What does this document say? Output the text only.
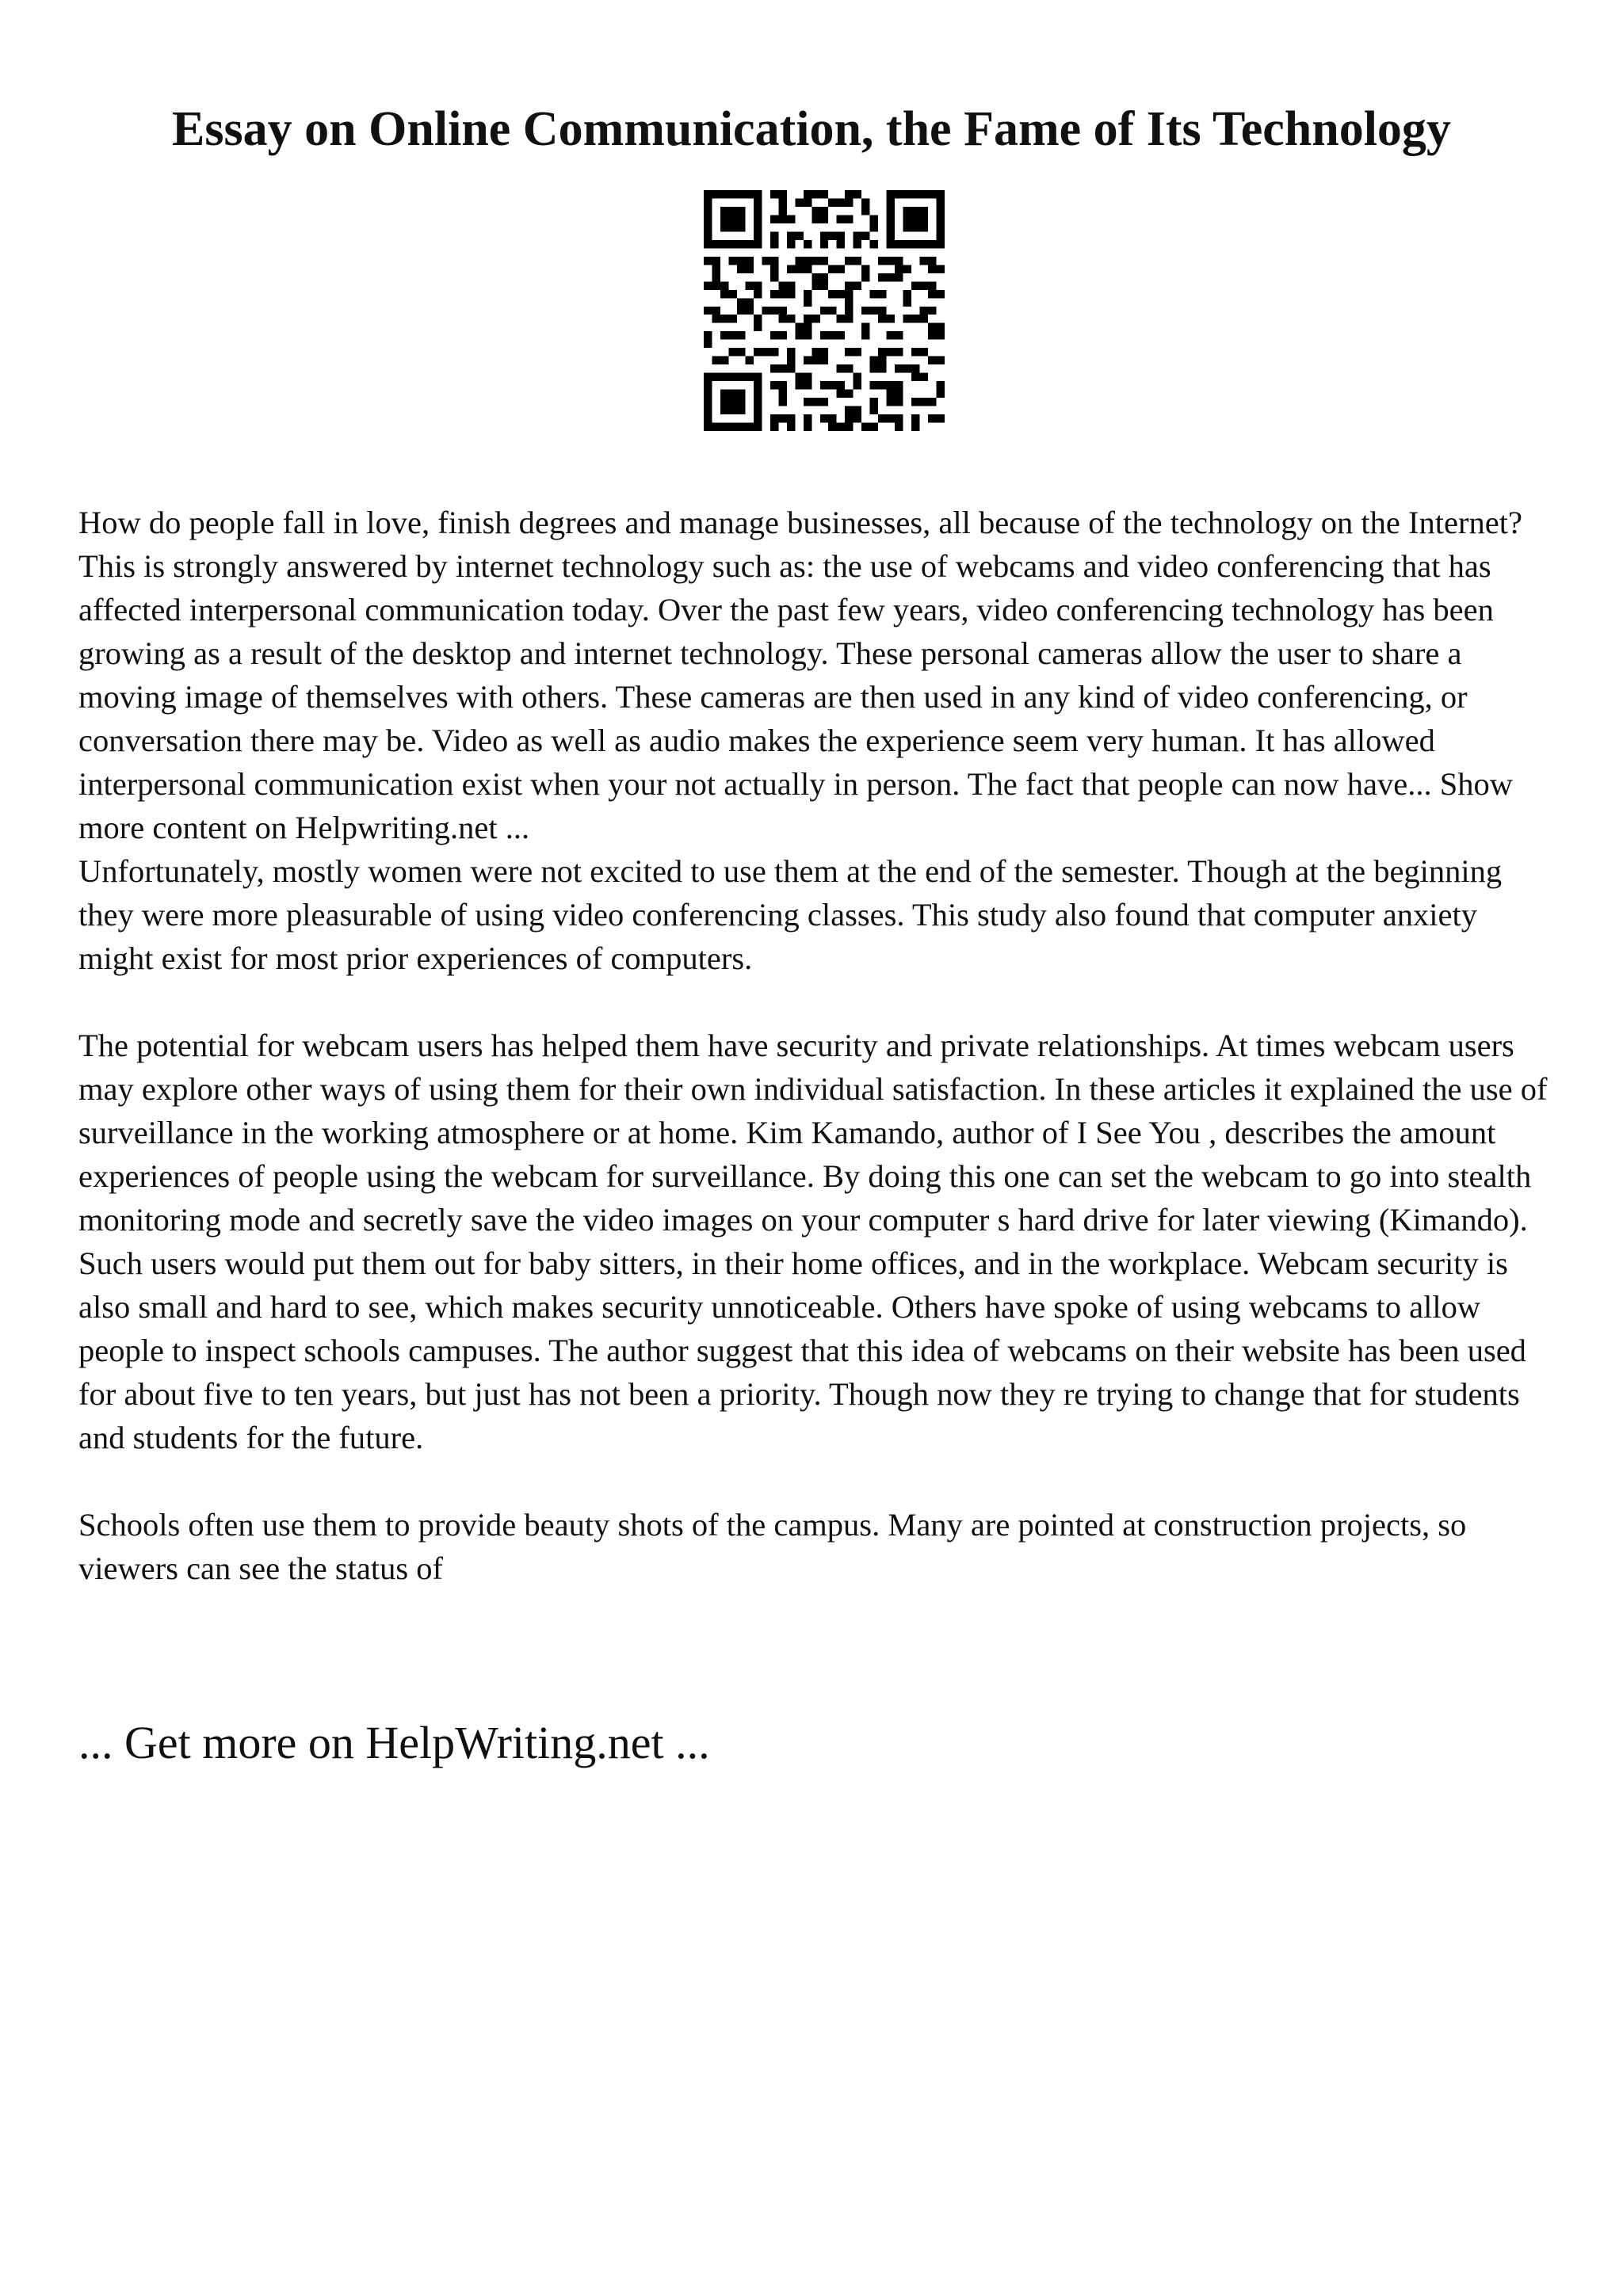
Essay on Online Communication, the Fame of Its Technology

How do people fall in love, finish degrees and manage businesses, all because of the technology on the Internet? This is strongly answered by internet technology such as: the use of webcams and video conferencing that has affected interpersonal communication today. Over the past few years, video conferencing technology has been growing as a result of the desktop and internet technology. These personal cameras allow the user to share a moving image of themselves with others. These cameras are then used in any kind of video conferencing, or conversation there may be. Video as well as audio makes the experience seem very human. It has allowed interpersonal communication exist when your not actually in person. The fact that people can now have... Show more content on Helpwriting.net ...

Unfortunately, mostly women were not excited to use them at the end of the semester. Though at the beginning they were more pleasurable of using video conferencing classes. This study also found that computer anxiety might exist for most prior experiences of computers.

The potential for webcam users has helped them have security and private relationships. At times webcam users may explore other ways of using them for their own individual satisfaction. In these articles it explained the use of surveillance in the working atmosphere or at home. Kim Kamando, author of I See You , describes the amount experiences of people using the webcam for surveillance. By doing this one can set the webcam to go into stealth monitoring mode and secretly save the video images on your computer s hard drive for later viewing (Kimando). Such users would put them out for baby sitters, in their home offices, and in the workplace. Webcam security is also small and hard to see, which makes security unnoticeable. Others have spoke of using webcams to allow people to inspect schools campuses. The author suggest that this idea of webcams on their website has been used for about five to ten years, but just has not been a priority. Though now they re trying to change that for students and students for the future.

Schools often use them to provide beauty shots of the campus. Many are pointed at construction projects, so viewers can see the status of

... Get more on HelpWriting.net ...
